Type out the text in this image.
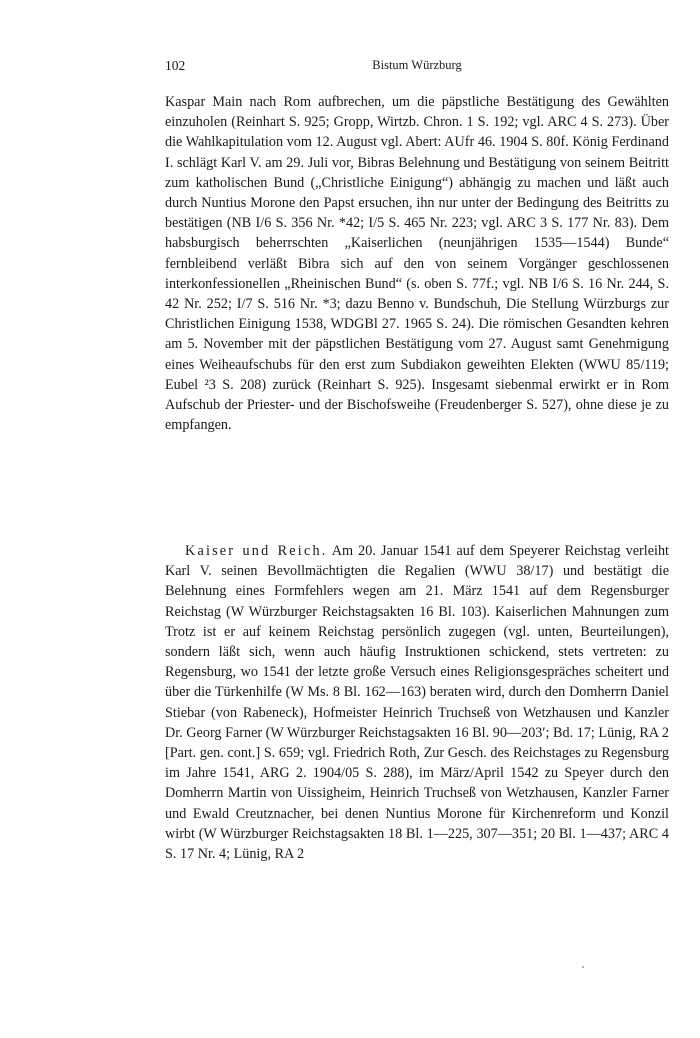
102	Bistum Würzburg

Kaspar Main nach Rom aufbrechen, um die päpstliche Bestätigung des Gewählten einzuholen (Reinhart S. 925; Gropp, Wirtzb. Chron. 1 S. 192; vgl. ARC 4 S. 273). Über die Wahlkapitulation vom 12. August vgl. Abert: AUfr 46. 1904 S. 80f. König Ferdinand I. schlägt Karl V. am 29. Juli vor, Bibras Belehnung und Bestätigung von seinem Beitritt zum katholischen Bund („Christliche Einigung“) abhängig zu machen und läßt auch durch Nuntius Morone den Papst ersuchen, ihn nur unter der Bedingung des Beitritts zu bestätigen (NB I/6 S. 356 Nr. *42; I/5 S. 465 Nr. 223; vgl. ARC 3 S. 177 Nr. 83). Dem habsburgisch beherrschten „Kaiserlichen (neunjährigen 1535—1544) Bunde“ fernbleibend verläßt Bibra sich auf den von seinem Vorgänger geschlossenen interkonfessionellen „Rheinischen Bund“ (s. oben S. 77f.; vgl. NB I/6 S. 16 Nr. 244, S. 42 Nr. 252; I/7 S. 516 Nr. *3; dazu Benno v. Bundschuh, Die Stellung Würzburgs zur Christlichen Einigung 1538, WDGBl 27. 1965 S. 24). Die römischen Gesandten kehren am 5. November mit der päpstlichen Bestätigung vom 27. August samt Genehmigung eines Weiheaufschubs für den erst zum Subdiakon geweihten Elekten (WWU 85/119; Eubel ²3 S. 208) zurück (Reinhart S. 925). Insgesamt siebenmal erwirkt er in Rom Aufschub der Priester- und der Bischofsweihe (Freudenberger S. 527), ohne diese je zu empfangen.

Kaiser und Reich. Am 20. Januar 1541 auf dem Speyerer Reichstag verleiht Karl V. seinen Bevollmächtigten die Regalien (WWU 38/17) und bestätigt die Belehnung eines Formfehlers wegen am 21. März 1541 auf dem Regensburger Reichstag (W Würzburger Reichstagsakten 16 Bl. 103). Kaiserlichen Mahnungen zum Trotz ist er auf keinem Reichstag persönlich zugegen (vgl. unten, Beurteilungen), sondern läßt sich, wenn auch häufig Instruktionen schickend, stets vertreten: zu Regensburg, wo 1541 der letzte große Versuch eines Religionsgespräches scheitert und über die Türkenhilfe (W Ms. 8 Bl. 162—163) beraten wird, durch den Domherrn Daniel Stiebar (von Rabeneck), Hofmeister Heinrich Truchseß von Wetzhausen und Kanzler Dr. Georg Farner (W Würzburger Reichstagsakten 16 Bl. 90—203′; Bd. 17; Lünig, RA 2 [Part. gen. cont.] S. 659; vgl. Friedrich Roth, Zur Gesch. des Reichstages zu Regensburg im Jahre 1541, ARG 2. 1904/05 S. 288), im März/April 1542 zu Speyer durch den Domherrn Martin von Uissigheim, Heinrich Truchseß von Wetzhausen, Kanzler Farner und Ewald Creutznacher, bei denen Nuntius Morone für Kirchenreform und Konzil wirbt (W Würzburger Reichstagsakten 18 Bl. 1—225, 307—351; 20 Bl. 1—437; ARC 4 S. 17 Nr. 4; Lünig, RA 2
